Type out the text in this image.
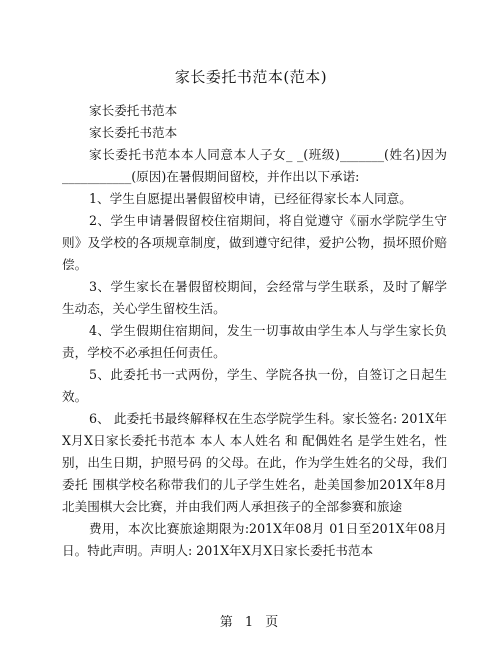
家长委托书范本(范本)

家长委托书范本

家长委托书范本

家长委托书范本本人同意本人子女_ _(班级)_______(姓名)因为___________(原因)在暑假期间留校，并作出以下承诺:

1、学生自愿提出暑假留校申请，已经征得家长本人同意。

2、学生申请暑假留校住宿期间，将自觉遵守《丽水学院学生守则》及学校的各项规章制度，做到遵守纪律，爱护公物，损坏照价赔偿。

3、学生家长在暑假留校期间，会经常与学生联系，及时了解学生动态，关心学生留校生活。

4、学生假期住宿期间，发生一切事故由学生本人与学生家长负责，学校不必承担任何责任。

5、此委托书一式两份，学生、学院各执一份，自签订之日起生效。

6、 此委托书最终解释权在生态学院学生科。家长签名: 201X年X月X日家长委托书范本 本人 本人姓名 和 配偶姓名 是学生姓名，性别，出生日期，护照号码 的父母。在此，作为学生姓名的父母，我们委托 围棋学校名称带我们的儿子学生姓名，赴美国参加201X年8月北美围棋大会比赛，并由我们两人承担孩子的全部参赛和旅途

费用，本次比赛旅途期限为:201X年08月 01日至201X年08月 日。特此声明。声明人: 201X年X月X日家长委托书范本

第 1 页
